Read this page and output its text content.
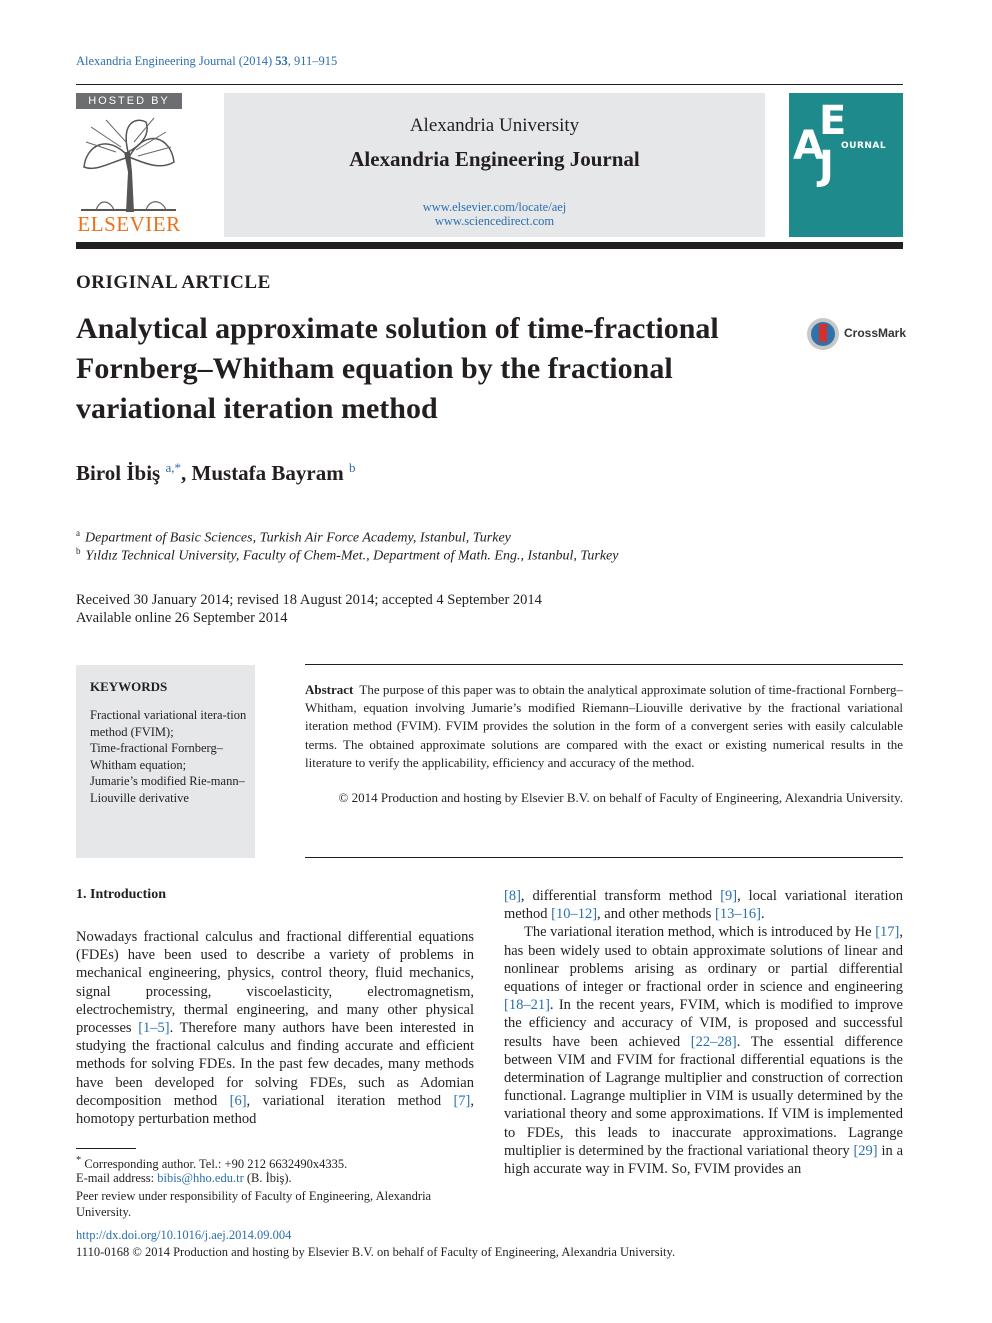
Alexandria Engineering Journal (2014) 53, 911–915
HOSTED BY
ELSEVIER
Alexandria University
Alexandria Engineering Journal
www.elsevier.com/locate/aej
www.sciencedirect.com
A
E
J OURNAL
ORIGINAL ARTICLE
Analytical approximate solution of time-fractional Fornberg–Whitham equation by the fractional variational iteration method
CrossMark
Birol İbiş $^{a,*}$, Mustafa Bayram $^b$
$^a$ Department of Basic Sciences, Turkish Air Force Academy, Istanbul, Turkey
$^b$ Yıldız Technical University, Faculty of Chem-Met., Department of Math. Eng., Istanbul, Turkey
Received 30 January 2014; revised 18 August 2014; accepted 4 September 2014
Available online 26 September 2014
KEYWORDS
Fractional variational itera-tion method (FVIM);
Time-fractional Fornberg–Whitham equation;
Jumarie’s modified Rie-mann–Liouville derivative
Abstract The purpose of this paper was to obtain the analytical approximate solution of time-fractional Fornberg–Whitham, equation involving Jumarie’s modified Riemann–Liouville derivative by the fractional variational iteration method (FVIM). FVIM provides the solution in the form of a convergent series with easily calculable terms. The obtained approximate solutions are compared with the exact or existing numerical results in the literature to verify the applicability, efficiency and accuracy of the method.
© 2014 Production and hosting by Elsevier B.V. on behalf of Faculty of Engineering, Alexandria University.
1. Introduction

Nowadays fractional calculus and fractional differential equations (FDEs) have been used to describe a variety of problems in mechanical engineering, physics, control theory, fluid mechanics, signal processing, viscoelasticity, electromagnetism, electrochemistry, thermal engineering, and many other physical processes [1–5]. Therefore many authors have been interested in studying the fractional calculus and finding accurate and efficient methods for solving FDEs. In the past few decades, many methods have been developed for solving FDEs, such as Adomian decomposition method [6], variational iteration method [7], homotopy perturbation method

[8], differential transform method [9], local variational iteration method [10–12], and other methods [13–16].

The variational iteration method, which is introduced by He [17], has been widely used to obtain approximate solutions of linear and nonlinear problems arising as ordinary or partial differential equations of integer or fractional order in science and engineering [18–21]. In the recent years, FVIM, which is modified to improve the efficiency and accuracy of VIM, is proposed and successful results have been achieved [22–28]. The essential difference between VIM and FVIM for fractional differential equations is the determination of Lagrange multiplier and construction of correction functional. Lagrange multiplier in VIM is usually determined by the variational theory and some approximations. If VIM is implemented to FDEs, this leads to inaccurate approximations. Lagrange multiplier is determined by the fractional variational theory [29] in a high accurate way in FVIM. So, FVIM provides an

* Corresponding author. Tel.: +90 212 6632490x4335.
E-mail address: bibis@hho.edu.tr (B. İbiş).
Peer review under responsibility of Faculty of Engineering, Alexandria University.
http://dx.doi.org/10.1016/j.aej.2014.09.004
1110-0168 © 2014 Production and hosting by Elsevier B.V. on behalf of Faculty of Engineering, Alexandria University.
